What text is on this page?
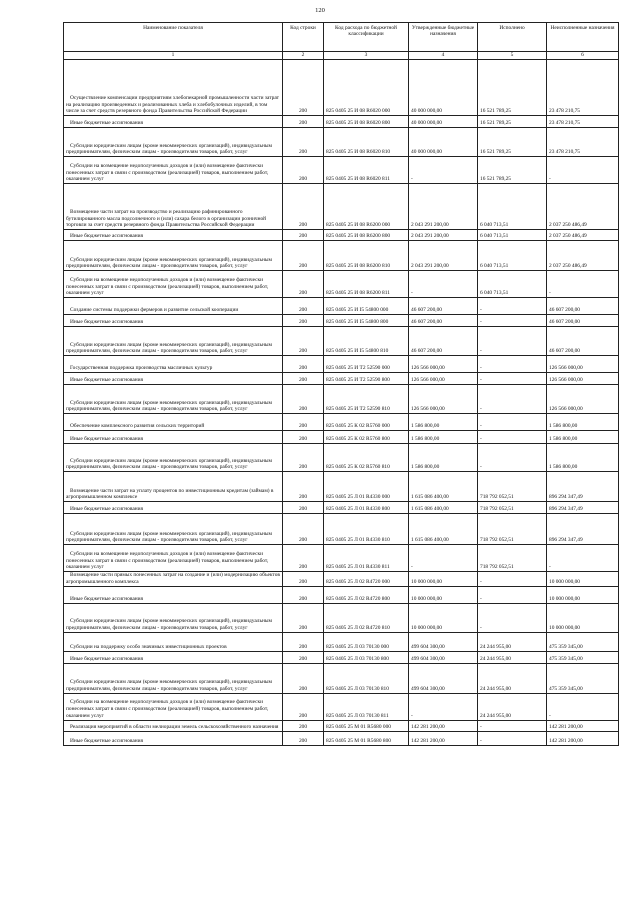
120
Наименование показателя	Код строки	Код расхода по бюджетной классификации	Утвержденные бюджетные назначения	Исполнено	Неисполненные назначения
1	2	3	4	5	6

Осуществление компенсации предприятиям хлебопекарной промышленности части затрат на реализацию произведенных и реализованных хлеба и хлебобулочных изделий, в том числе за счет средств резервного фонда Правительства Российской Федерации	200	825 0405 25 И 08 R6020 000	40 000 000,00	16 521 789,25	23 478 210,75

Иные бюджетные ассигнования	200	825 0405 25 И 08 R6020 800	40 000 000,00	16 521 789,25	23 478 210,75

Субсидии юридическим лицам (кроме некоммерческих организаций), индивидуальным предпринимателям, физическим лицам - производителям товаров, работ, услуг	200	825 0405 25 И 08 R6020 810	40 000 000,00	16 521 789,25	23 478 210,75

Субсидии на возмещение недополученных доходов и (или) возмещение фактически понесенных затрат в связи с производством (реализацией) товаров, выполнением работ, оказанием услуг	200	825 0405 25 И 08 R6020 811	-	16 521 789,25	-

Возмещение части затрат на производство и реализацию рафинированного бутилированного масла подсолнечного и (или) сахара белого в организации розничной торговли за счет средств резервного фонда Правительства Российской Федерации	200	825 0405 25 И 08 R6200 000	2 043 291 200,00	6 040 713,51	2 037 250 486,49

Иные бюджетные ассигнования	200	825 0405 25 И 08 R6200 800	2 043 291 200,00	6 040 713,51	2 037 250 486,49

Субсидии юридическим лицам (кроме некоммерческих организаций), индивидуальным предпринимателям, физическим лицам - производителям товаров, работ, услуг	200	825 0405 25 И 08 R6200 810	2 043 291 200,00	6 040 713,51	2 037 250 486,49

Субсидии на возмещение недополученных доходов и (или) возмещение фактически понесенных затрат в связи с производством (реализацией) товаров, выполнением работ, оказанием услуг	200	825 0405 25 И 08 R6200 811	-	6 040 713,51	-

Создание системы поддержки фермеров и развитие сельской кооперации	200	825 0405 25 И I5 54800 000	46 607 200,00	-	46 607 200,00

Иные бюджетные ассигнования	200	825 0405 25 И I5 54800 800	46 607 200,00	-	46 607 200,00

Субсидии юридическим лицам (кроме некоммерческих организаций), индивидуальным предпринимателям, физическим лицам - производителям товаров, работ, услуг	200	825 0405 25 И I5 54800 810	46 607 200,00	-	46 607 200,00

Государственная поддержка производства масличных культур	200	825 0405 25 И T2 52590 000	126 566 000,00	-	126 566 000,00

Иные бюджетные ассигнования	200	825 0405 25 И T2 52590 800	126 566 000,00	-	126 566 000,00

Субсидии юридическим лицам (кроме некоммерческих организаций), индивидуальным предпринимателям, физическим лицам - производителям товаров, работ, услуг	200	825 0405 25 И T2 52590 810	126 566 000,00	-	126 566 000,00

Обеспечение комплексного развития сельских территорий	200	825 0405 25 К 02 R5760 000	1 586 800,00	-	1 586 800,00

Иные бюджетные ассигнования	200	825 0405 25 К 02 R5760 800	1 586 800,00	-	1 586 800,00

Субсидии юридическим лицам (кроме некоммерческих организаций), индивидуальным предпринимателям, физическим лицам - производителям товаров, работ, услуг	200	825 0405 25 К 02 R5760 810	1 586 800,00	-	1 586 800,00

Возмещение части затрат на уплату процентов по инвестиционным кредитам (займам) в агропромышленном комплексе	200	825 0405 25 Л 01 R4330 000	1 615 086 400,00	718 792 052,51	896 294 347,49

Иные бюджетные ассигнования	200	825 0405 25 Л 01 R4330 800	1 615 086 400,00	718 792 052,51	896 294 347,49

Субсидии юридическим лицам (кроме некоммерческих организаций), индивидуальным предпринимателям, физическим лицам - производителям товаров, работ, услуг	200	825 0405 25 Л 01 R4330 810	1 615 086 400,00	718 792 052,51	896 294 347,49

Субсидии на возмещение недополученных доходов и (или) возмещение фактически понесенных затрат в связи с производством (реализацией) товаров, выполнением работ, оказанием услуг	200	825 0405 25 Л 01 R4330 811	-	718 792 052,51	-

Возмещение части прямых понесенных затрат на создание и (или) модернизацию объектов агропромышленного комплекса	200	825 0405 25 Л 02 R4720 000	10 000 000,00	-	10 000 000,00

Иные бюджетные ассигнования	200	825 0405 25 Л 02 R4720 800	10 000 000,00	-	10 000 000,00

Субсидии юридическим лицам (кроме некоммерческих организаций), индивидуальным предпринимателям, физическим лицам - производителям товаров, работ, услуг	200	825 0405 25 Л 02 R4720 810	10 000 000,00	-	10 000 000,00

Субсидии на поддержку особо значимых инвестиционных проектов	200	825 0405 25 Л 03 70130 000	499 604 300,00	24 244 955,00	475 359 345,00

Иные бюджетные ассигнования	200	825 0405 25 Л 03 70130 800	499 604 300,00	24 244 955,00	475 359 345,00

Субсидии юридическим лицам (кроме некоммерческих организаций), индивидуальным предпринимателям, физическим лицам - производителям товаров, работ, услуг	200	825 0405 25 Л 03 70130 810	499 604 300,00	24 244 955,00	475 359 345,00

Субсидии на возмещение недополученных доходов и (или) возмещение фактически понесенных затрат в связи с производством (реализацией) товаров, выполнением работ, оказанием услуг	200	825 0405 25 Л 03 70130 811	-	24 244 955,00	-

Реализация мероприятий в области мелиорации земель сельскохозяйственного назначения	200	825 0405 25 М 01 R5680 000	142 281 200,00	-	142 281 200,00

Иные бюджетные ассигнования	200	825 0405 25 М 01 R5680 800	142 281 200,00	-	142 281 200,00
